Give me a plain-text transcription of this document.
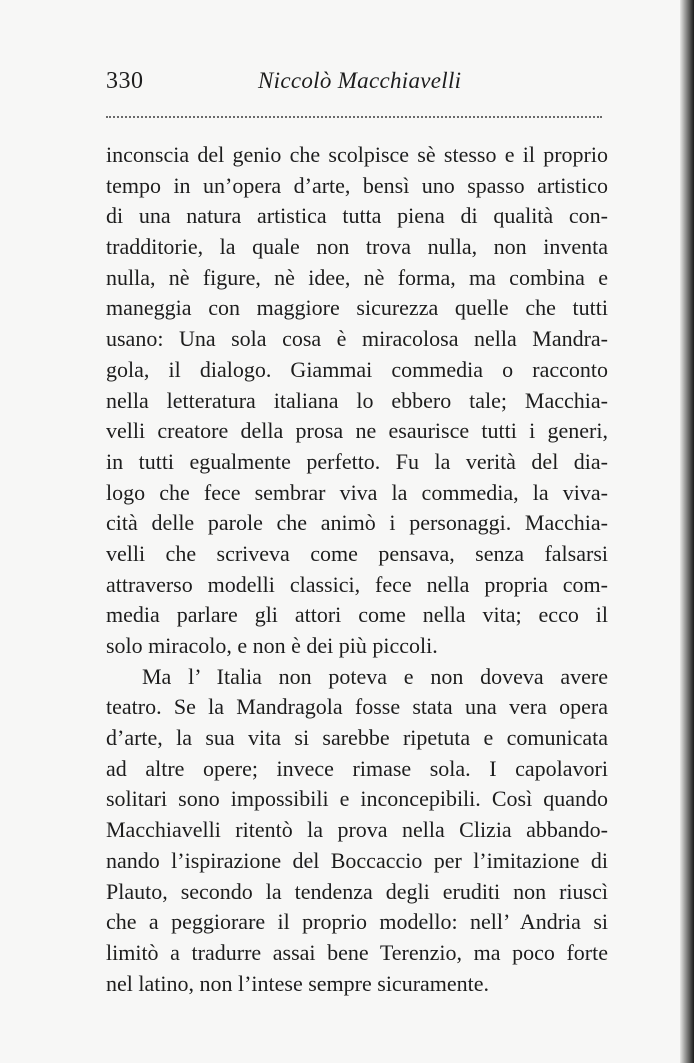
330	Niccolò Macchiavelli
inconscia del genio che scolpisce sè stesso e il proprio
tempo in un’opera d’arte, bensì uno spasso artistico
di una natura artistica tutta piena di qualità con-
tradditorie, la quale non trova nulla, non inventa
nulla, nè figure, nè idee, nè forma, ma combina e
maneggia con maggiore sicurezza quelle che tutti
usano: Una sola cosa è miracolosa nella Mandra-
gola, il dialogo. Giammai commedia o racconto
nella letteratura italiana lo ebbero tale; Macchia-
velli creatore della prosa ne esaurisce tutti i generi,
in tutti egualmente perfetto. Fu la verità del dia-
logo che fece sembrar viva la commedia, la viva-
cità delle parole che animò i personaggi. Macchia-
velli che scriveva come pensava, senza falsarsi
attraverso modelli classici, fece nella propria com-
media parlare gli attori come nella vita; ecco il
solo miracolo, e non è dei più piccoli.
Ma l’ Italia non poteva e non doveva avere
teatro. Se la Mandragola fosse stata una vera opera
d’arte, la sua vita si sarebbe ripetuta e comunicata
ad altre opere; invece rimase sola. I capolavori
solitari sono impossibili e inconcepibili. Così quando
Macchiavelli ritentò la prova nella Clizia abbando-
nando l’ispirazione del Boccaccio per l’imitazione di
Plauto, secondo la tendenza degli eruditi non riuscì
che a peggiorare il proprio modello: nell’ Andria si
limitò a tradurre assai bene Terenzio, ma poco forte
nel latino, non l’intese sempre sicuramente.
